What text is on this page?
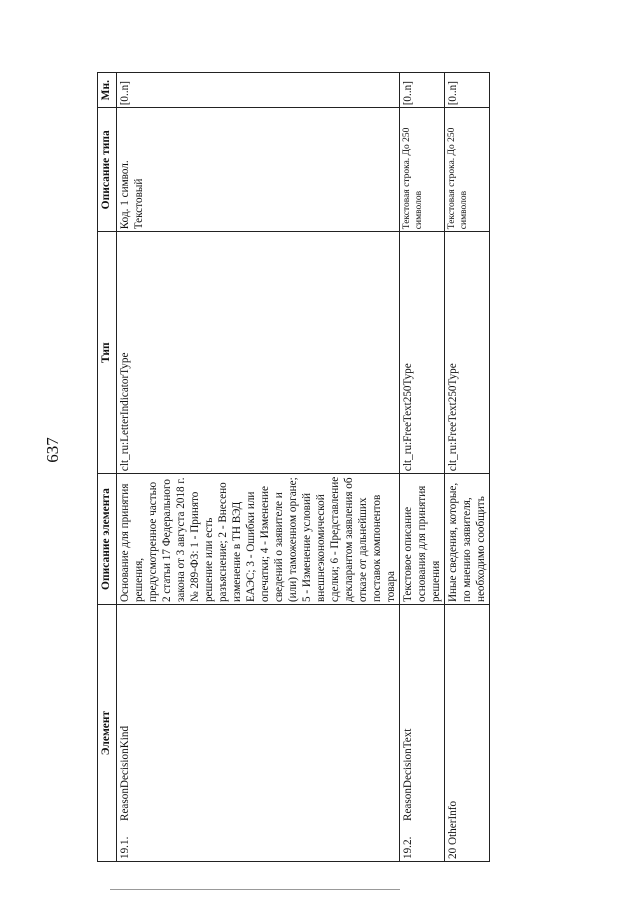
637
Элемент	Описание элемента	Тип	Описание типа	Мн.
19.1.ReasonDecisionKind	Основание для принятия решения, предусмотренное частью 2 статьи 17 Федерального закона от 3 августа 2018 г. № 289-ФЗ: 1 - Принято решение или есть разъяснение; 2 - Внесено изменение в ТН ВЭД ЕАЭС; 3 - Ошибки или опечатки; 4 - Изменение сведений о заявителе и (или) таможенном органе; 5 - Изменение условий внешнеэкономической сделки; 6 - Представление декларантом заявления об отказе от дальнейших поставок компонентов товара	clt_ru:LetterIndicatorType	Код. 1 символ. Текстовый	[0..n]
19.2.ReasonDecisionText	Текстовое описание основания для принятия решения	clt_ru:FreeText250Type	Текстовая строка. До 250 символов	[0..n]
20OtherInfo	Иные сведения, которые, по мнению заявителя, необходимо сообщить	clt_ru:FreeText250Type	Текстовая строка. До 250 символов	[0..n]
